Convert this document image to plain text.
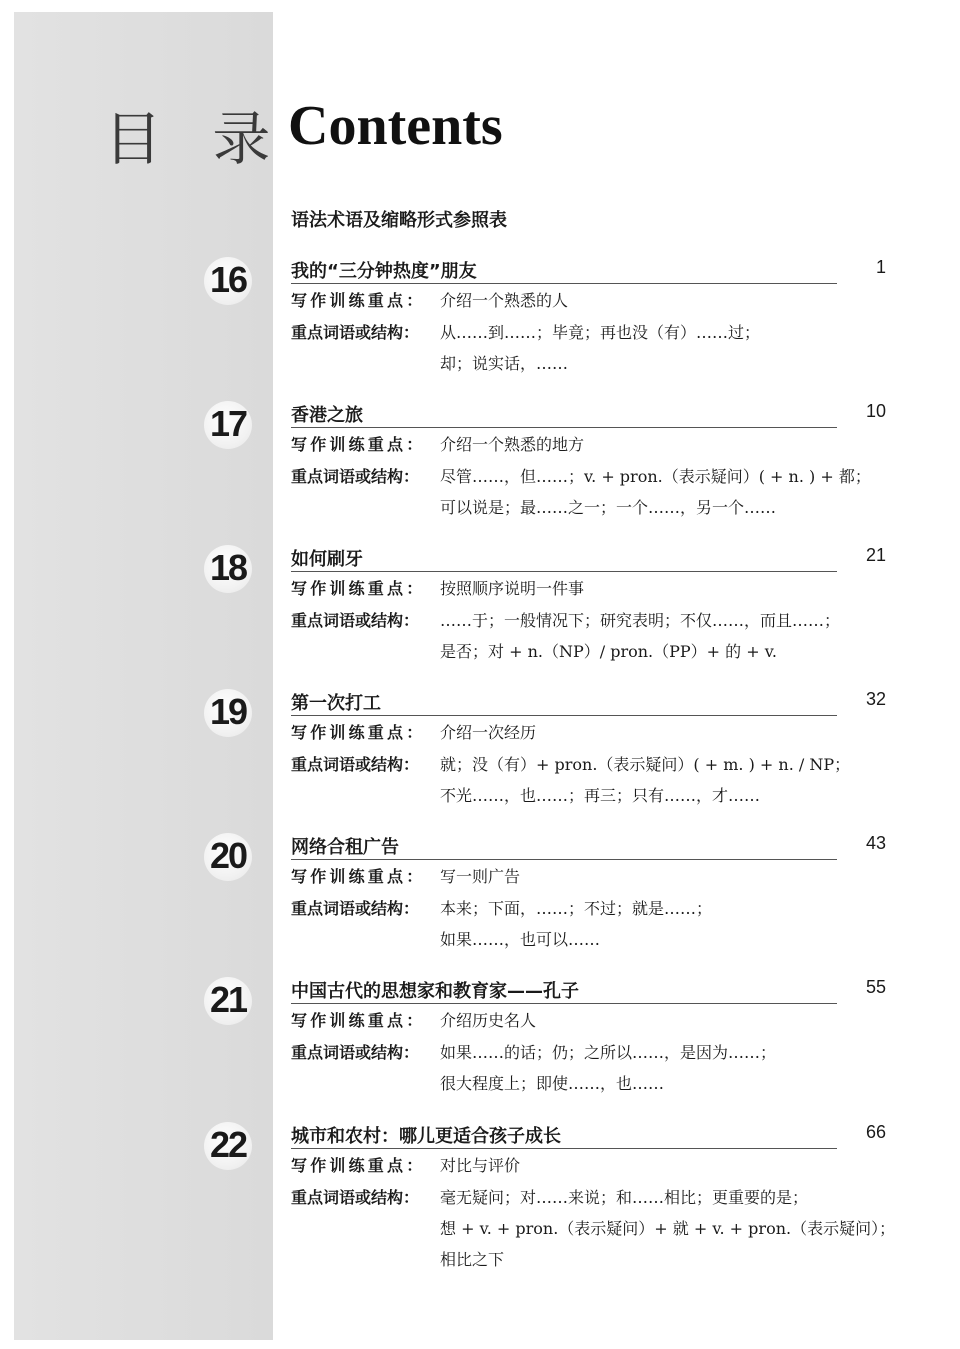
目 录 Contents
语法术语及缩略形式参照表
16	我的“三分钟热度”朋友	1
写作训练重点： 介绍一个熟悉的人
重点词语或结构： 从……到……；毕竟；再也没（有）……过；
却；说实话，……
17	香港之旅	10
写作训练重点： 介绍一个熟悉的地方
重点词语或结构： 尽管……，但……；v. + pron.（表示疑问）( + n. ) + 都；
可以说是；最……之一；一个……，另一个……
18	如何刷牙	21
写作训练重点： 按照顺序说明一件事
重点词语或结构： ……于；一般情况下；研究表明；不仅……，而且……；
是否；对 + n.（NP）/ pron.（PP）+ 的 + v.
19	第一次打工	32
写作训练重点： 介绍一次经历
重点词语或结构： 就；没（有）+ pron.（表示疑问）( + m. ) + n. / NP；
不光……，也……；再三；只有……，才……
20	网络合租广告	43
写作训练重点： 写一则广告
重点词语或结构： 本来；下面，……；不过；就是……；
如果……，也可以……
21	中国古代的思想家和教育家——孔子	55
写作训练重点： 介绍历史名人
重点词语或结构： 如果……的话；仍；之所以……，是因为……；
很大程度上；即使……，也……
22	城市和农村：哪儿更适合孩子成长	66
写作训练重点： 对比与评价
重点词语或结构： 毫无疑问；对……来说；和……相比；更重要的是；
想 + v. + pron.（表示疑问）+ 就 + v. + pron.（表示疑问）；
相比之下
